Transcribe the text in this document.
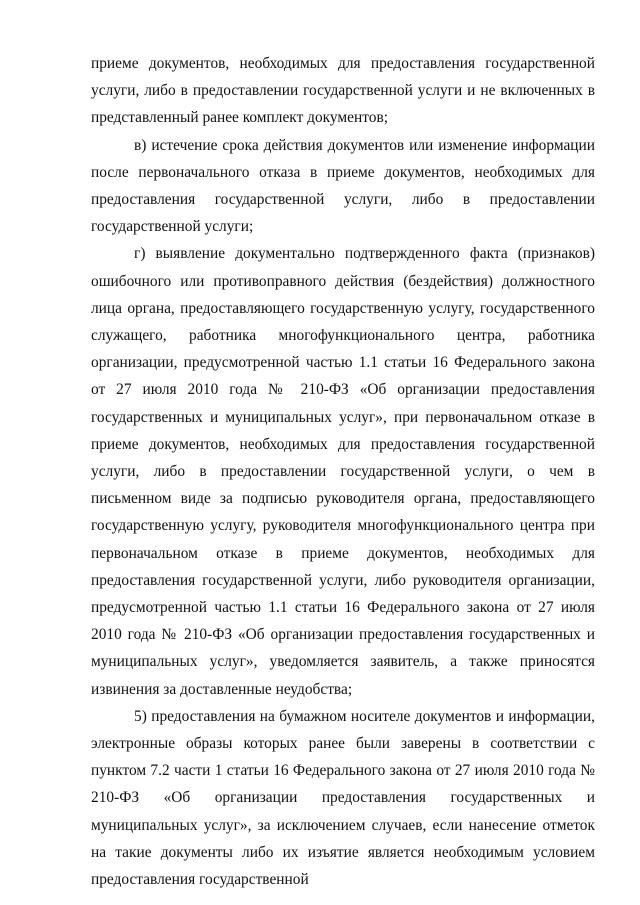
приеме документов, необходимых для предоставления государственной услуги, либо в предоставлении государственной услуги и не включенных в представленный ранее комплект документов;

в) истечение срока действия документов или изменение информации после первоначального отказа в приеме документов, необходимых для предоставления государственной услуги, либо в предоставлении государственной услуги;

г) выявление документально подтвержденного факта (признаков) ошибочного или противоправного действия (бездействия) должностного лица органа, предоставляющего государственную услугу, государственного служащего, работника многофункционального центра, работника организации, предусмотренной частью 1.1 статьи 16 Федерального закона от 27 июля 2010 года № 210-ФЗ «Об организации предоставления государственных и муниципальных услуг», при первоначальном отказе в приеме документов, необходимых для предоставления государственной услуги, либо в предоставлении государственной услуги, о чем в письменном виде за подписью руководителя органа, предоставляющего государственную услугу, руководителя многофункционального центра при первоначальном отказе в приеме документов, необходимых для предоставления государственной услуги, либо руководителя организации, предусмотренной частью 1.1 статьи 16 Федерального закона от 27 июля 2010 года № 210-ФЗ «Об организации предоставления государственных и муниципальных услуг», уведомляется заявитель, а также приносятся извинения за доставленные неудобства;

5) предоставления на бумажном носителе документов и информации, электронные образы которых ранее были заверены в соответствии с пунктом 7.2 части 1 статьи 16 Федерального закона от 27 июля 2010 года № 210-ФЗ «Об организации предоставления государственных и муниципальных услуг», за исключением случаев, если нанесение отметок на такие документы либо их изъятие является необходимым условием предоставления государственной
